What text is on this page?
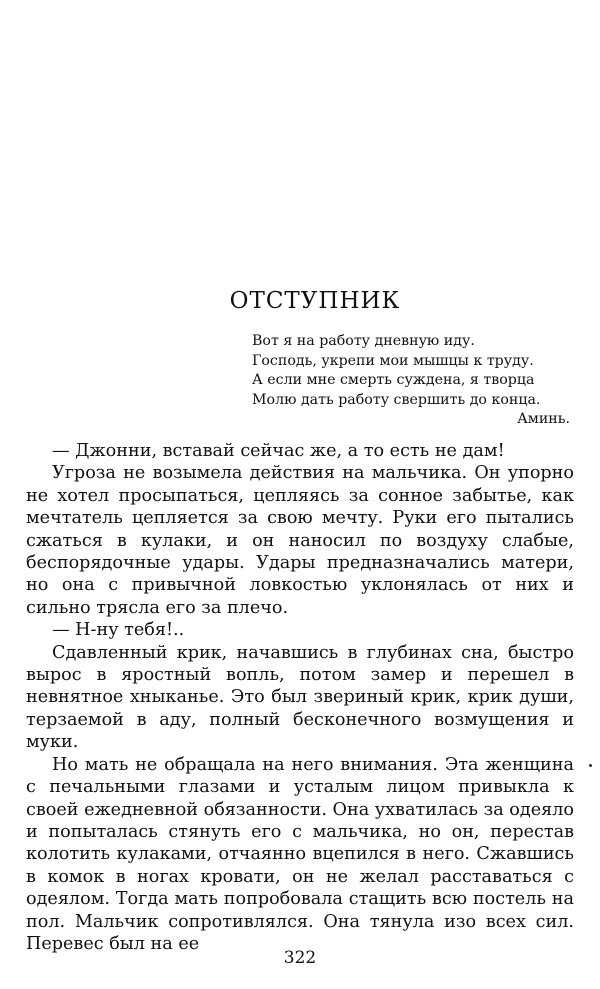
ОТСТУПНИК
Вот я на работу дневную иду.
Господь, укрепи мои мышцы к труду.
А если мне смерть суждена, я творца
Молю дать работу свершить до конца.
Аминь.

— Джонни, вставай сейчас же, а то есть не дам!

Угроза не возымела действия на мальчика. Он упорно не хотел просыпаться, цепляясь за сонное забытье, как мечтатель цепляется за свою мечту. Руки его пытались сжаться в кулаки, и он наносил по воздуху слабые, беспорядочные удары. Удары предназначались матери, но она с привычной ловкостью уклонялась от них и сильно трясла его за плечо.

— Н-ну тебя!..

Сдавленный крик, начавшись в глубинах сна, быстро вырос в яростный вопль, потом замер и перешел в невнятное хныканье. Это был звериный крик, крик души, терзаемой в аду, полный бесконечного возмущения и муки.

Но мать не обращала на него внимания. Эта женщина с печальными глазами и усталым лицом привыкла к своей ежедневной обязанности. Она ухватилась за одеяло и попыталась стянуть его с мальчика, но он, перестав колотить кулаками, отчаянно вцепился в него. Сжавшись в комок в ногах кровати, он не желал расставаться с одеялом. Тогда мать попробовала стащить всю постель на пол. Мальчик сопротивлялся. Она тянула изо всех сил. Перевес был на ее

322
